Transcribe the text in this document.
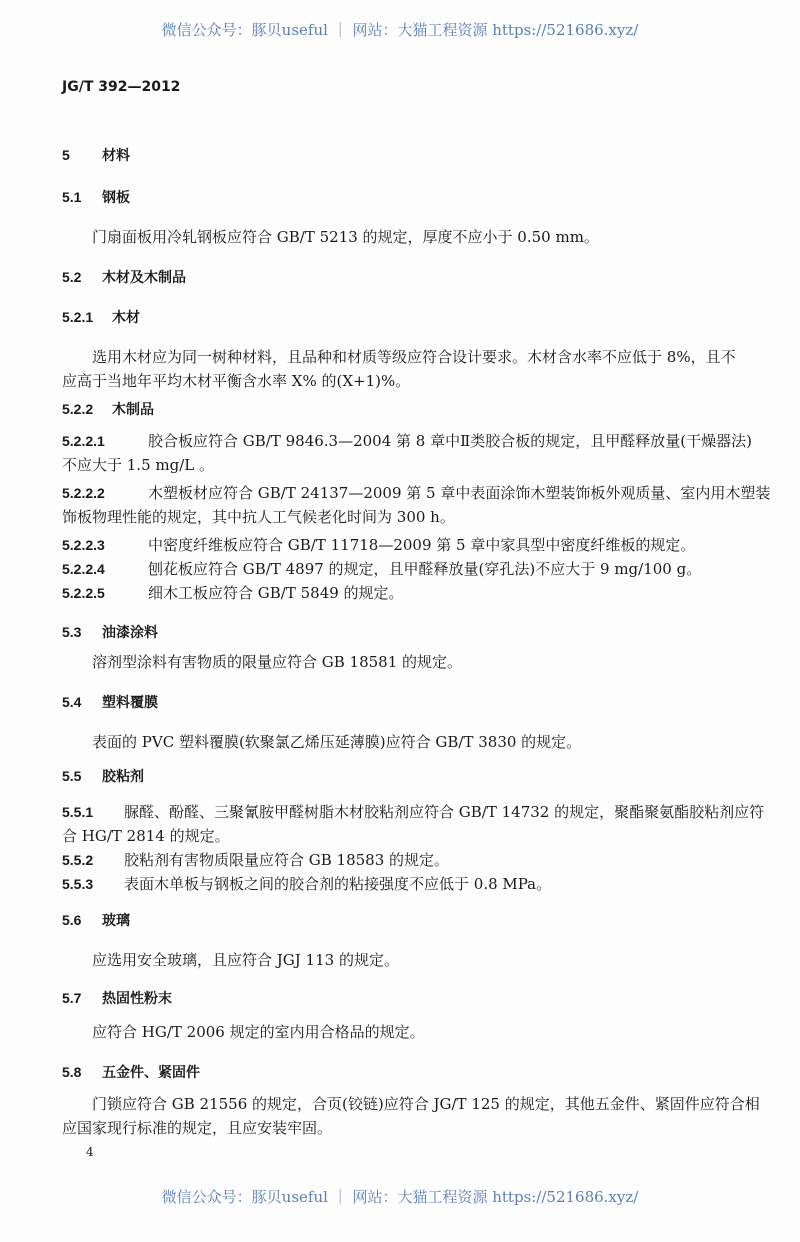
微信公众号：豚贝useful ｜ 网站：大猫工程资源 https://521686.xyz/
JG/T 392—2012
5 材料
5.1 钢板
门扇面板用冷轧钢板应符合 GB/T 5213 的规定，厚度不应小于 0.50 mm。
5.2 木材及木制品
5.2.1 木材
选用木材应为同一树种材料，且品种和材质等级应符合设计要求。木材含水率不应低于 8%，且不
应高于当地年平均木材平衡含水率 X% 的(X+1)%。
5.2.2 木制品
5.2.2.1	胶合板应符合 GB/T 9846.3—2004 第 8 章中Ⅱ类胶合板的规定，且甲醛释放量(干燥器法)
不应大于 1.5 mg/L 。
5.2.2.2	木塑板材应符合 GB/T 24137—2009 第 5 章中表面涂饰木塑装饰板外观质量、室内用木塑装
饰板物理性能的规定，其中抗人工气候老化时间为 300 h。
5.2.2.3	中密度纤维板应符合 GB/T 11718—2009 第 5 章中家具型中密度纤维板的规定。
5.2.2.4	刨花板应符合 GB/T 4897 的规定，且甲醛释放量(穿孔法)不应大于 9 mg/100 g。
5.2.2.5	细木工板应符合 GB/T 5849 的规定。
5.3 油漆涂料
溶剂型涂料有害物质的限量应符合 GB 18581 的规定。
5.4 塑料覆膜
表面的 PVC 塑料覆膜(软聚氯乙烯压延薄膜)应符合 GB/T 3830 的规定。
5.5 胶粘剂
5.5.1 脲醛、酚醛、三聚氰胺甲醛树脂木材胶粘剂应符合 GB/T 14732 的规定，聚酯聚氨酯胶粘剂应符
合 HG/T 2814 的规定。
5.5.2 胶粘剂有害物质限量应符合 GB 18583 的规定。
5.5.3 表面木单板与钢板之间的胶合剂的粘接强度不应低于 0.8 MPa。
5.6 玻璃
应选用安全玻璃，且应符合 JGJ 113 的规定。
5.7 热固性粉末
应符合 HG/T 2006 规定的室内用合格品的规定。
5.8 五金件、紧固件
门锁应符合 GB 21556 的规定，合页(铰链)应符合 JG/T 125 的规定，其他五金件、紧固件应符合相
应国家现行标准的规定，且应安装牢固。
4
微信公众号：豚贝useful ｜ 网站：大猫工程资源 https://521686.xyz/
